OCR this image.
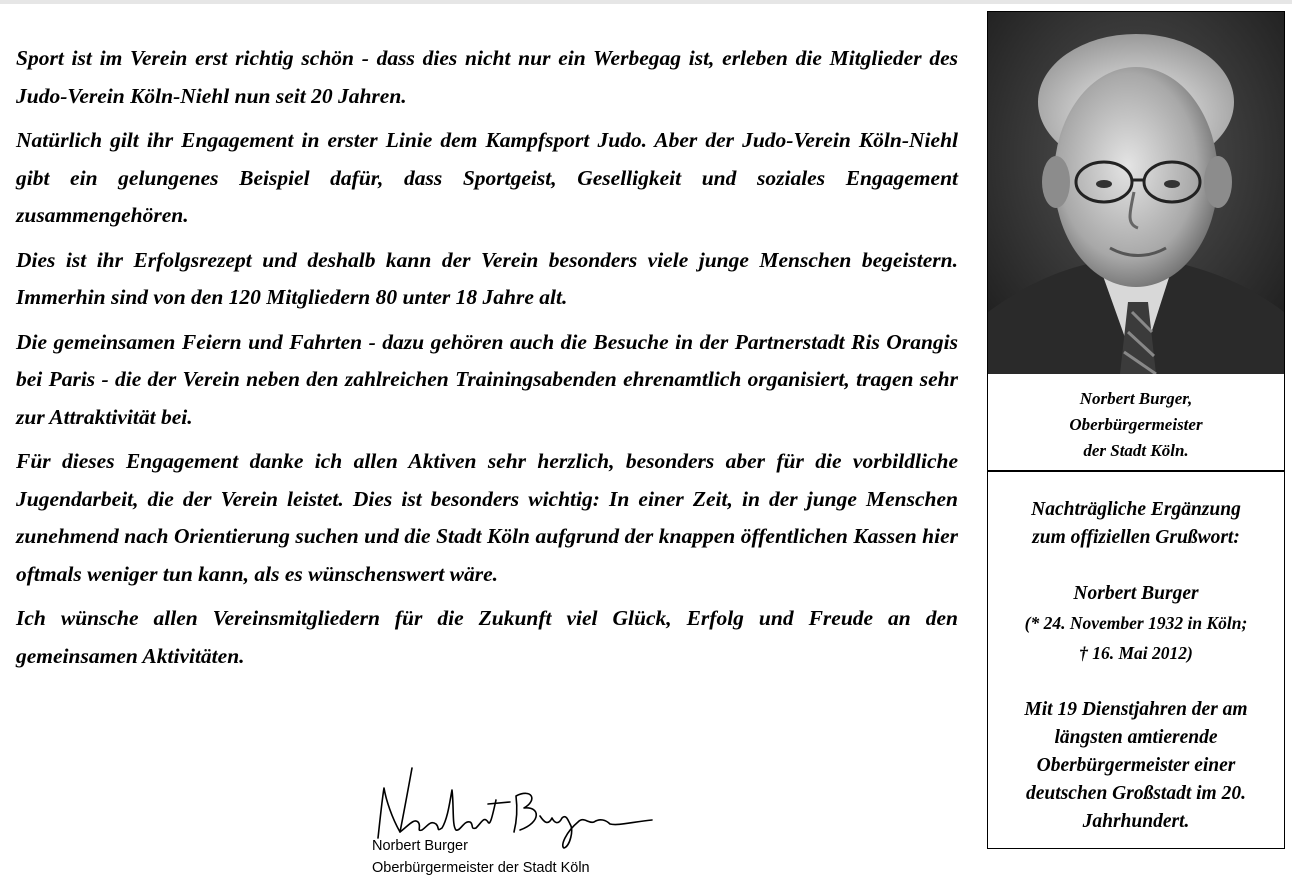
Sport ist im Verein erst richtig schön - dass dies nicht nur ein Werbegag ist, erleben die Mitglieder des Judo-Verein Köln-Niehl nun seit 20 Jahren.

Natürlich gilt ihr Engagement in erster Linie dem Kampfsport Judo. Aber der Judo-Verein Köln-Niehl gibt ein gelungenes Beispiel dafür, dass Sportgeist, Geselligkeit und soziales Engagement zusammengehören.

Dies ist ihr Erfolgsrezept und deshalb kann der Verein besonders viele junge Menschen begeistern. Immerhin sind von den 120 Mitgliedern 80 unter 18 Jahre alt.

Die gemeinsamen Feiern und Fahrten - dazu gehören auch die Besuche in der Partnerstadt Ris Orangis bei Paris - die der Verein neben den zahlreichen Trainingsabenden ehrenamtlich organisiert, tragen sehr zur Attraktivität bei.

Für dieses Engagement danke ich allen Aktiven sehr herzlich, besonders aber für die vorbildliche Jugendarbeit, die der Verein leistet. Dies ist besonders wichtig: In einer Zeit, in der junge Menschen zunehmend nach Orientierung suchen und die Stadt Köln aufgrund der knappen öffentlichen Kassen hier oftmals weniger tun kann, als es wünschenswert wäre.

Ich wünsche allen Vereinsmitgliedern für die Zukunft viel Glück, Erfolg und Freude an den gemeinsamen Aktivitäten.

Norbert Burger
Oberbürgermeister der Stadt Köln
Norbert Burger,
Oberbürgermeister
der Stadt Köln.

Nachträgliche Ergänzung

zum offiziellen Grußwort:

Norbert Burger

(* 24. November 1932 in Köln;

† 16. Mai 2012)

Mit 19 Dienstjahren der am

längsten amtierende

Oberbürgermeister einer

deutschen Großstadt im 20.

Jahrhundert.
